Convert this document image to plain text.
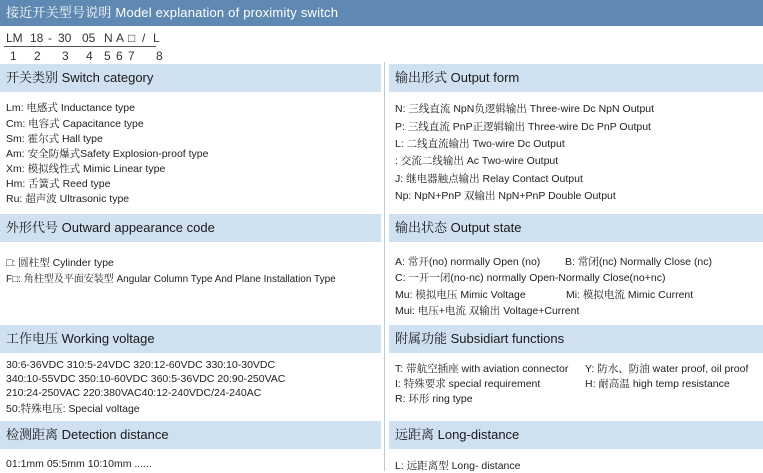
接近开关型号说明 Model explanation of proximity switch
LM 18 - 30 05 N A □ / L
1 2 3 4 5 6 7 8
开关类别 Switch category	输出形式 Output form
Lm: 电感式 Inductance type
Cm: 电容式 Capacitance type
Sm: 霍尔式 Hall type
Am: 安全防爆式Safety Explosion-proof type
Xm: 模拟线性式 Mimic Linear type
Hm: 舌簧式 Reed type
Ru: 超声波 Ultrasonic type
N: 三线直流 NpN负逻辑输出 Three-wire Dc NpN Output
P: 三线直流 PnP正逻辑输出 Three-wire Dc PnP Output
L: 二线直流输出 Two-wire Dc Output
: 交流二线输出 Ac Two-wire Output
J: 继电器触点输出 Relay Contact Output
Np: NpN+PnP 双输出 NpN+PnP Double Output
外形代号 Outward appearance code	输出状态 Output state
□: 圆柱型 Cylinder type
F□: 角柱型及平面安装型 Angular Column Type And Plane Installation Type
A: 常开(no) normally Open (no) B: 常闭(nc) Normally Close (nc)
C: 一开一闭(no-nc) normally Open-Normally Close(no+nc)
Mu: 模拟电压 Mimic Voltage	Mi: 模拟电流 Mimic Current
Mui: 电压+电流 双输出 Voltage+Current
工作电压 Working voltage	附属功能 Subsidiart functions
30:6-36VDC 310:5-24VDC 320:12-60VDC 330:10-30VDC
340:10-55VDC 350:10-60VDC 360:5-36VDC 20:90-250VAC
210:24-250VAC 220:380VAC40:12-240VDC/24-240AC
50:特殊电压: Special voltage
T: 带航空插座 with aviation connector Y: 防水、防油 water proof, oil proof
I: 特殊要求 special requirement	H: 耐高温 high temp resistance
R: 环形 ring type
检测距离 Detection distance	远距离 Long-distance
01:1mm 05:5mm 10:10mm ......	L: 远距离型 Long- distance
